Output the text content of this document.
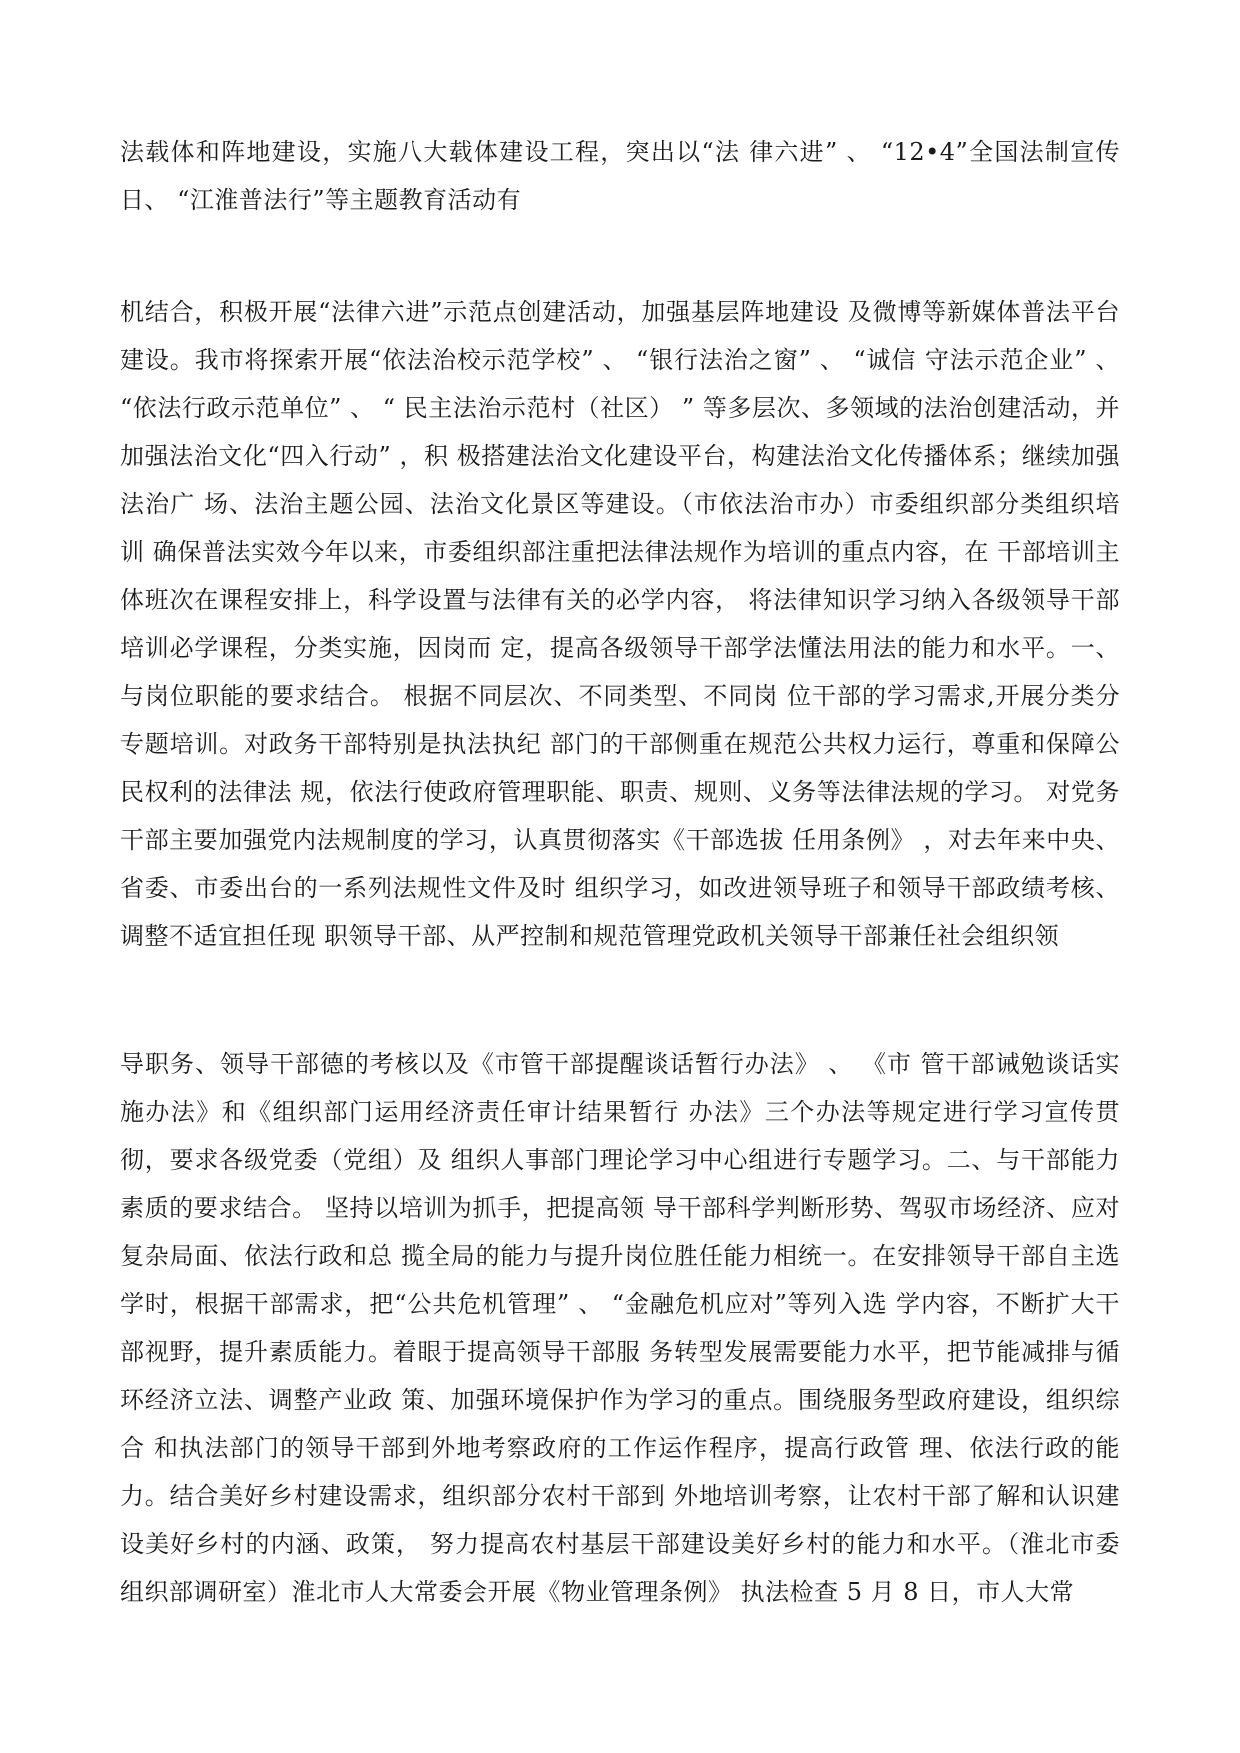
法载体和阵地建设，实施八大载体建设工程，突出以“法 律六进” 、 “12•4”全国法制宣传日、 “江淮普法行”等主题教育活动有

机结合，积极开展“法律六进”示范点创建活动，加强基层阵地建设 及微博等新媒体普法平台建设。我市将探索开展“依法治校示范学校” 、 “银行法治之窗” 、 “诚信 守法示范企业” 、 “依法行政示范单位” 、 “ 民主法治示范村（社区） ” 等多层次、多领域的法治创建活动，并加强法治文化“四入行动” ，积 极搭建法治文化建设平台，构建法治文化传播体系；继续加强法治广 场、法治主题公园、法治文化景区等建设。（市依法治市办）市委组织部分类组织培训 确保普法实效今年以来，市委组织部注重把法律法规作为培训的重点内容，在 干部培训主体班次在课程安排上，科学设置与法律有关的必学内容， 将法律知识学习纳入各级领导干部培训必学课程，分类实施，因岗而 定，提高各级领导干部学法懂法用法的能力和水平。一、与岗位职能的要求结合。 根据不同层次、不同类型、不同岗 位干部的学习需求,开展分类分专题培训。对政务干部特别是执法执纪 部门的干部侧重在规范公共权力运行，尊重和保障公民权利的法律法 规，依法行使政府管理职能、职责、规则、义务等法律法规的学习。 对党务干部主要加强党内法规制度的学习，认真贯彻落实《干部选拔 任用条例》 ，对去年来中央、省委、市委出台的一系列法规性文件及时 组织学习，如改进领导班子和领导干部政绩考核、调整不适宜担任现 职领导干部、从严控制和规范管理党政机关领导干部兼任社会组织领

导职务、领导干部德的考核以及《市管干部提醒谈话暂行办法》 、 《市 管干部诫勉谈话实施办法》和《组织部门运用经济责任审计结果暂行 办法》三个办法等规定进行学习宣传贯彻，要求各级党委（党组）及 组织人事部门理论学习中心组进行专题学习。二、与干部能力素质的要求结合。 坚持以培训为抓手，把提高领 导干部科学判断形势、驾驭市场经济、应对复杂局面、依法行政和总 揽全局的能力与提升岗位胜任能力相统一。在安排领导干部自主选学时，根据干部需求，把“公共危机管理” 、 “金融危机应对”等列入选 学内容，不断扩大干部视野，提升素质能力。着眼于提高领导干部服 务转型发展需要能力水平，把节能减排与循环经济立法、调整产业政 策、加强环境保护作为学习的重点。围绕服务型政府建设，组织综合 和执法部门的领导干部到外地考察政府的工作运作程序，提高行政管 理、依法行政的能力。结合美好乡村建设需求，组织部分农村干部到 外地培训考察，让农村干部了解和认识建设美好乡村的内涵、政策， 努力提高农村基层干部建设美好乡村的能力和水平。（淮北市委组织部调研室）淮北市人大常委会开展《物业管理条例》 执法检查 5 月 8 日，市人大常
